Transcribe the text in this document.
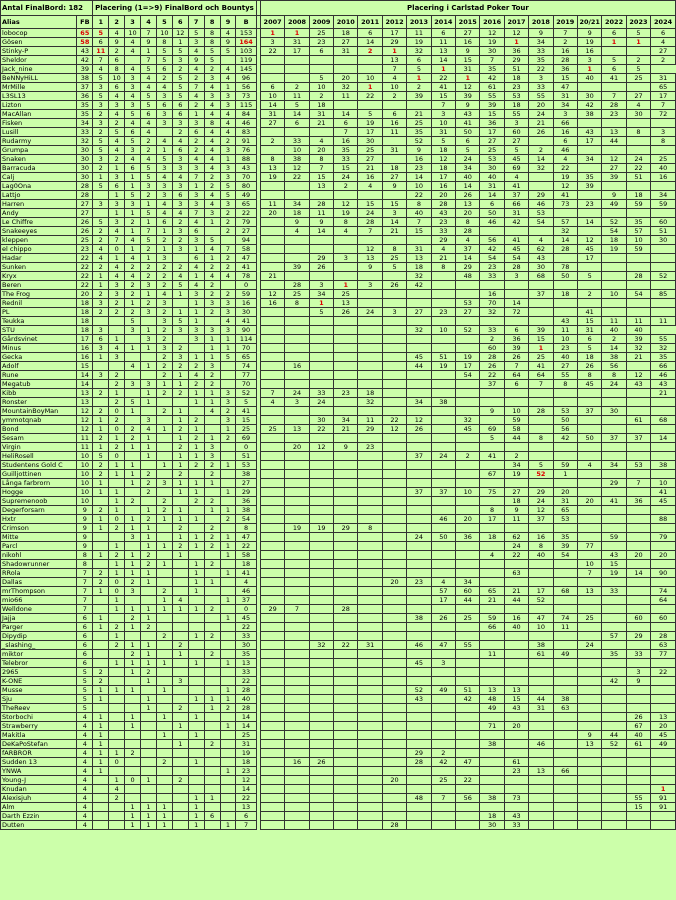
Antal FinalBord: 182		Placering (1=>9) FinalBord och Bountys											Placering i Carlstad Poker Tour																
Alias	FB	1	2	3	4	5	6	7	8	9	B		2007	2008	2009	2010	2011	2012	2013	2014	2015	2016	2017	2018	2019	20/21	2022	2023	2024
lobocop	65	5	4	10	7	10	12	5	8	4	153		1	1	25	18	6	17	11	6	27	12	12	9	7	9	6	5	6
Gösen	58	6	9	4	9	8	1	3	8	9	164		3	31	23	27	14	29	19	11	16	19	1	34	2	19	1	1	4
Stinky-P	43	11	2	4	1	5	5	4	5	5	103		22	17	6	31	2	1	32	13	9	30	36	33	16	16			27
Sheldor	42	7	6		7	5	3	9	5		119							13	6	14	15	7	29	35	28	3	5	2	2
Jack_nine	39	4	8	4	5	6	2	4	2	4	145							7	5	1	31	35	51	22	36	1	6	5	
BeNNyHiLL	38	5	10	3	4	2	5	2	3	4	96				5	20	10	4	1	22	1	42	18	3	15	40	41	25	31
MrMille	37	3	6	3	4	4	5	7	4	1	56		6	2	10	32	1	10	2	41	12	61	23	33	47				65
L3SL13	36	5	4	4	5	3	5	4	3	3	73		10	11	2	11	22	2	39	15	39	55	53	55	31	30	7	27	17
Lizton	35	3	3	3	5	6	6	2	4	3	115		14	5	18					7	9	39	18	20	34	42	28	4	7
MacAllan	35	2	4	5	6	3	6	1	4	4	84		31	14	31	14	5	6	21	3	43	15	55	24	3	38	23	30	72
Fisken	34	3	2	4	4	3	3	3	8	4	46		27	6	21	6	19	16	25	10	41	36	3	21	66				
Lusill	33	2	5	6	4		2	6	4	4	83					7	17	11	35	31	50	17	60	26	16	43	13	8	3
Rudarmy	32	5	4	5	2	4	4	2	4	2	91		2	33	4	16	30		52	5	6	27	27		6	17	44		8
Grumpa	30	5	4	3	2	1	6	2	4	3	76			10	20	35	25	31	9	18	5	25	5	2	46				
Snaken	30	3	2	4	4	5	3	4	4	1	88		8	38	8	33	27		16	12	24	53	45	14	4	34	12	24	25
Barracuda	30	2	1	6	5	3	3	3	4	3	43		13	12	7	15	21	18	23	18	34	30	69	32	22		27	22	40
Calj	30	1	3	1	5	4	4	7	2	3	70		19	22	15	24	16	27	14	17	40	40	4		19	35	39	51	16
Lag0Ona	28	5	6	1	3	3	3	1	2	5	80				13	2	4	9	10	16	14	31	41		12	39			
Lattjo	28		1	5	2	3	6	3	4	5	49								22	20	26	14	37	29	41		9	18	34
Harren	27	3	3	3	1	4	3	3	4	3	65		11	34	28	12	15	15	8	28	13	6	66	46	73	23	49	59	59
Andy	27		1	1	5	4	4	7	3	2	22		20	18	11	19	24	3	40	43	20	50	31	53					
Le Chiffre	26	5	3	2	1	6	2	4	1	2	79			9	9	8	28	14	7	23	8	46	42	54	57	14	52	35	60
Snakeeyes	26	2	4	1	7	1	3	6		2	27			4	14	4	7	21	15	33	28				32		54	57	51
kleppen	25	2	7	4	5	2	2	3	5		94									29	4	56	41	4	14	12	18	10	30
el chippo	23	4	0	1	2	1	3	1	4	7	58						12	8	31	4	37	42	45	62	28	45	19	59	
Hadar	22	4	1	4	1	3		6	1	2	47				29	3	13	25	13	21	14	54	54	43		17			
Sunken	22	2	4	2	2	2	2	4	2	2	41			39	26		9	5	18	8	29	23	28	30	78				
Kryx	22	1	4	4	2	2	4	1	4	4	78		21						32		48	33	3	68	50	5		28	52
Beren	22	1	3	2	3	2	5	4	2		0			28	3	1	3	26	42										
The Frog	20	2	3	2	1	4	1	3	2	2	59		12	25	34	25						16		37	18	2	10	54	85
Rednil	18	3	2	1	2	3		1	3	3	16		16	8	1	13					53	70	14						
PL	18	2	2	2	3	2	1	1	2	3	30				5	26	24	3	27	23	27	32	72			41			
Teukka	18			5		3	5	1		4	41														43	15	11	11	11
STU	18	3		3	1	2	3	3	3	3	90								32	10	52	33	6	39	11	31	40	40	
Gårdsvinet	17	6	1		3	2		3	1	1	114											2	36	15	10	6	2	39	55
Minus	16	3	4	1	1	3	2		1	1	70											60	39	1	23	5	14	32	32
Gecka	16	1	3			2	3	1	1	5	65								45	51	19	28	26	25	40	18	38	21	35
Adolf	15			4	1	2	2	2	3		74			16					44	19	17	26	7	41	27	26	56		66
Rune	14	3	2			2	1	4	2		77										54	22	64	64	55	8	8	12	46
Megatub	14		2	3	3	1	1	2	2		70											37	6	7	8	45	24	43	43
Kibb	13	2	1		1	2	2	1	1	3	52		7	24	33	23	18												21
Ronster	13		2	5	1			1	1	3	5		4	3	24		32		34	38									
MountainBoyMan	12	2	0	1		2	1		4	2	41											9	10	28	53	37	30		
ymmotqnab	12	1	2		3		1	2		3	15				30	34	11	22	12		32		59		50			61	68
Bond	12	1	0	2	4	1	2	1		1	25		25	13	22	21	29	12	26		45	69	58		56				
Sesam	11	2	1	2	1		1	2	1	2	69											5	44	8	42	50	37	37	14
Virgin	11	1	2	1	1		2	1	3		0			20	12	9	23												
HeliRosell	10	5	0		1		1	1	3		51								37	24	2	41	2						
Studentens Gold C	10	2	1	1		1	1	2	2	1	53												34	5	59	4	34	53	38
Guilljottinen	10	2	1	1	2		2		2		38											67	19	52	1				
Långa farbrorn	10	1		1	2	3	1	1	1		27																29	7	10
Hogge	10	1	1		2		1	1		1	29								37	37	10	75	27	29	20				41
Supremenoob	10		1	2		2		2	2		36												18	24	31	20	41	36	45
Degerforsarn	9	2	1		1	2	1		1	1	38											8	9	12	65				
Hxtr	9	1	0	1	2	1	1	1		2	54									46	20	17	11	37	53				88
Crimson	9	1	2	1	1		2		2		8			19	19	29	8												
Mitte	9			3	1		1	1	2	1	47								24	50	36	18	62	16	35		59		79
Parcl	9		1		1	1	2	1	2	1	22												24	8	39	77			
nikohl	8	1	2	1	2		1			1	58											4	22	40	54		43	20	20
Shadowrunner	8		1	1	2	1		1	2		18															10	15		
RRola	7	2	1	1	1			1		1	41												63			7	19	14	90
Dallas	7	2	0	2	1			1	1		4							20	23	4	34								
mrThompson	7	1	0	3		2		1			46									57	60	65	21	17	68	13	33		74
mio66	7		1			1	4			1	37									17	44	21	44	52					64
Welldone	7		1	1	1	1	1	1	2		0		29	7		28													
Jajja	6	1		2	1					1	45								38	26	25	59	16	47	74	25		60	60
Parger	6	1	2	1	2						22											66	40	10	11				
Dipydip	6		1			2		1	2		33																57	29	28
_slashing_	6		2	1	1		2				30				32	22	31		46	47	55			38		24			63
miktor	6			2	1		1		2		35											11		61	49		35	33	77
Telebror	6		1	1	1	1		1		1	13								45	3									
2965	5	2		1	2						33																	3	22
K-ONE	5	2			1		3				22																42	9	
Musse	5	1	1	1		1				1	28								52	49	51	13	13						
Sju	5	1			1			1	1	1	40								43		42	48	15	44	38				
TheReev	5				1		2		1	2	28											49	43	31	63				
Storbochi	4	1		1		1		1			14																	26	13
Strawberry	4	1		1			1			1	14											71	20					67	20
Makitla	4	1				1		1			25															9	44	40	45
DeKaPoStefan	4	1					1		2		31											38		46		13	52	61	49
fARBROR	4	1	1	2							19								29	2									
Sudden 13	4	1	0			2		1			18			16	26				28	42	47		61						
YNWA	4	1								1	23												23	13	66				
Young-J	4		1	0	1		2				12							20		25	22								
Knudan	4		4								14																		1
Alexisjuh	4		2					1	1		22								48	7	56	38	73					55	91
Alm	4			1	1	1		1			13																	15	91
Darth Ezzin	4			1	1	1		1	6		6											18	43						
Dutten	4			1	1	1		1		1	7							28				30	33						
